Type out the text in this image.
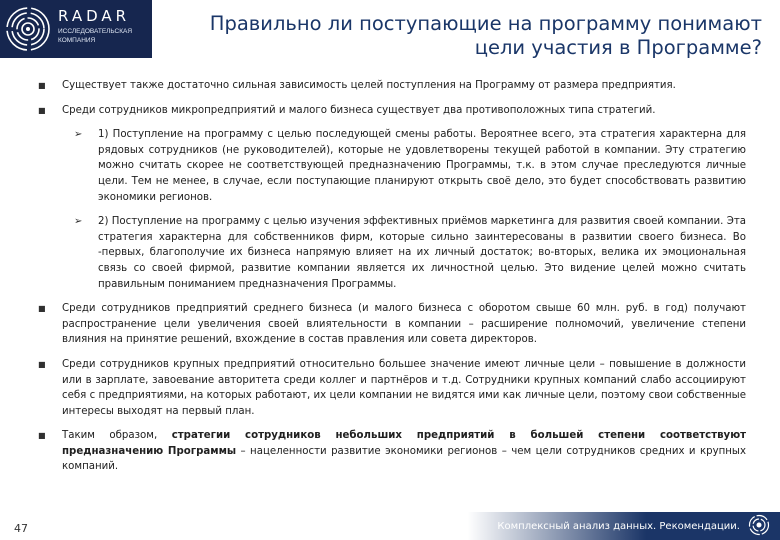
RADAR
ИССЛЕДОВАТЕЛЬСКАЯ КОМПАНИЯ
Правильно ли поступающие на программу понимают цели участия в Программе?
■ Существует также достаточно сильная зависимость целей поступления на Программу от размера предприятия.
■ Среди сотрудников микропредприятий и малого бизнеса существует два противоположных типа стратегий.
➢ 1) Поступление на программу с целью последующей смены работы. Вероятнее всего, эта стратегия характерна для рядовых сотрудников (не руководителей), которые не удовлетворены текущей работой в компании. Эту стратегию можно считать скорее не соответствующей предназначению Программы, т.к. в этом случае преследуются личные цели. Тем не менее, в случае, если поступающие планируют открыть своё дело, это будет способствовать развитию экономики регионов.
➢ 2) Поступление на программу с целью изучения эффективных приёмов маркетинга для развития своей компании. Эта стратегия характерна для собственников фирм, которые сильно заинтересованы в развитии своего бизнеса. Во -первых, благополучие их бизнеса напрямую влияет на их личный достаток; во-вторых, велика их эмоциональная связь со своей фирмой, развитие компании является их личностной целью. Это видение целей можно считать правильным пониманием предназначения Программы.
■ Среди сотрудников предприятий среднего бизнеса (и малого бизнеса с оборотом свыше 60 млн. руб. в год) получают распространение цели увеличения своей влиятельности в компании – расширение полномочий, увеличение степени влияния на принятие решений, вхождение в состав правления или совета директоров.
■ Среди сотрудников крупных предприятий относительно большее значение имеют личные цели – повышение в должности или в зарплате, завоевание авторитета среди коллег и партнёров и т.д. Сотрудники крупных компаний слабо ассоциируют себя с предприятиями, на которых работают, их цели компании не видятся ими как личные цели, поэтому свои собственные интересы выходят на первый план.
■ Таким образом, стратегии сотрудников небольших предприятий в большей степени соответствуют предназначению Программы – нацеленности развитие экономики регионов – чем цели сотрудников средних и крупных компаний.
47	Комплексный анализ данных. Рекомендации.
